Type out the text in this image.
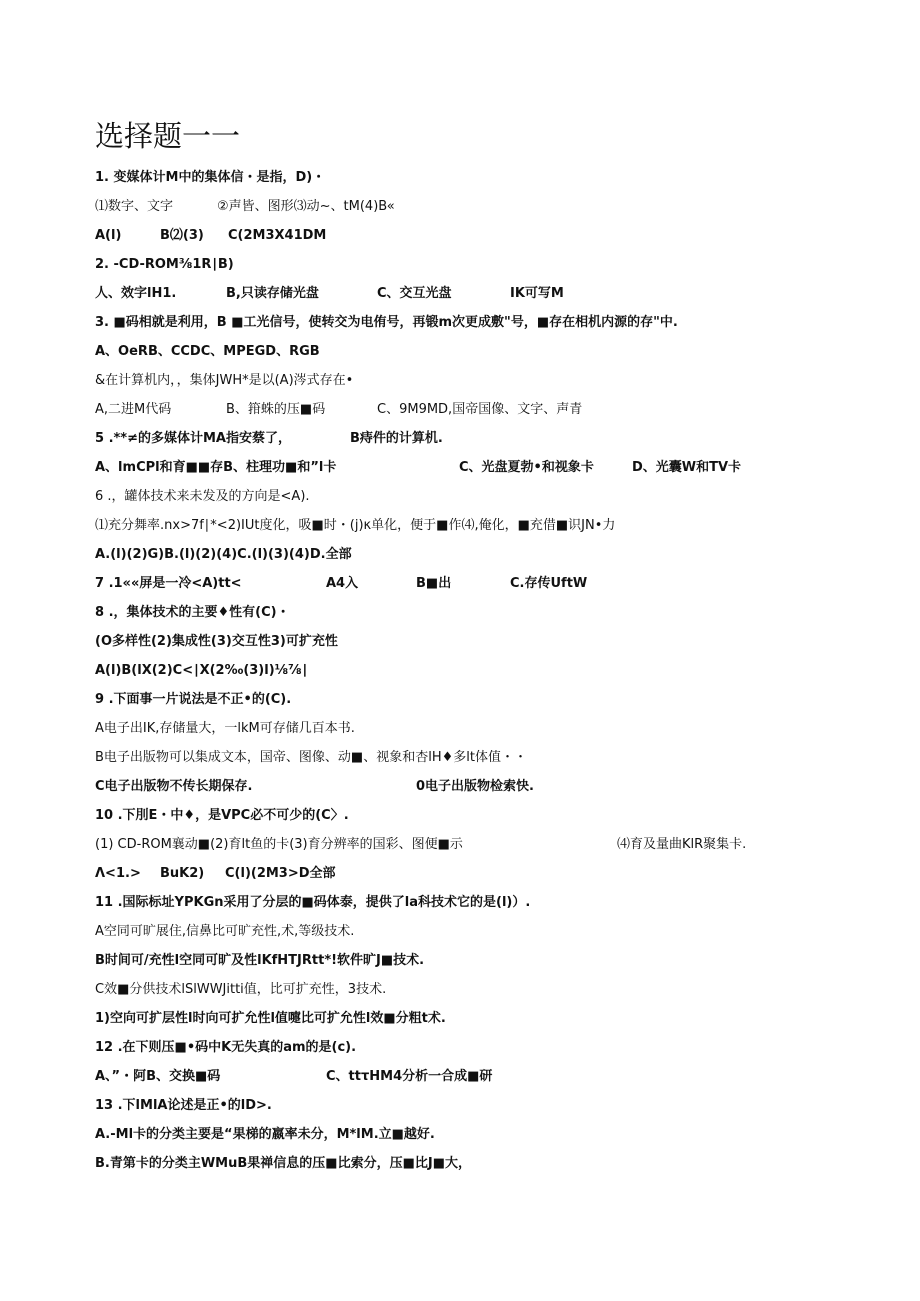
选择题一一
1. 变媒体计M中的集体信・是指，D)・
⑴数字、文字	②声皆、图形⑶动~、tM(4)B«
A(l)	B⑵(3) C(2M3X41DM
2. -CD-ROM⅜1R∣B)
人、效字lH1.	B,只读存储光盘	C、交互光盘	IK可写M
3. ■码相就是利用，B ■工光信号，使转交为电侑号，再锻m次更成敷"号，■存在相机内源的存"中.
A、OeRB、CCDC、MPEGD、RGB
&在计算机内，，集体JWH*是以(A)涔式存在•
A,二进M代码	B、箝蛛的压■码	C、9M9MD,国帝国像、文字、声青
5 .**≠的多媒体计MA指安蔡了，	B痔件的计算机.
A、lmCPl和育■■存B、柱理功■和”l卡	C、光盘夏勃•和视象卡	D、光囊W和TV卡
6 .，罐体技术来未发及的方向是<A).
⑴充分舞率.nx>7f∣*<2)IUt度化，吸■时・(j)κ单化，便于■作⑷,俺化，■充借■识JN•力
A.(l)(2)G)B.(l)(2)(4)C.(l)(3)(4)D.全部
7 .1««屏是一冷<A)tt<	A4入	B■出	C.存传UftW
8 .，集体技术的主要♦性有(C)・
(O多样性(2)集成性(3)交互性3)可扩充性
A(l)B(lX(2)C<∣X(2‰(3)l)⅛⅞∣
9 .下面事一片说法是不正•的(C).
A电子出IK,存储量大，一lkM可存储几百本书.
B电子出版物可以集成文本，国帝、图像、动■、视象和杏lH♦多lt体值・・
C电子出版物不传长期保存.	0电子出版物检索快.
10 .下刖E・中♦，是VPC必不可少的(C〉.
(1) CD-ROM襄动■(2)育lt鱼的卡(3)育分辨率的国彩、图便■示	⑷育及量曲KlR聚集卡.
Λ<1.> BuK2) C(l)(2M3>D全部
11 .国际标址YPKGn采用了分层的■码体泰，提供了la科技术它的是(l)）.
A空同可旷展住,信鼻比可旷充性,术,等级技术.
B时间可/充性l空同可旷及性lKfHTJRtt*!软件旷J■技术.
C效■分供技术lSlWWJitti值，比可扩充性，3技术.
1)空向可扩层性l时向可扩允性l值嚏比可扩允性l效■分粗t术.
12 .在下则压■•码中K无失真的am的是(c).
A、”・阿B、交换■码	C、ttτHM4分析一合成■研
13 .下lMlA论述是正•的lD>.
A.-Ml卡的分类主要是“果梯的嬴率未分，M*lM.立■越好.
B.青第卡的分类主WMuB果禅信息的压■比索分，压■比J■大，
